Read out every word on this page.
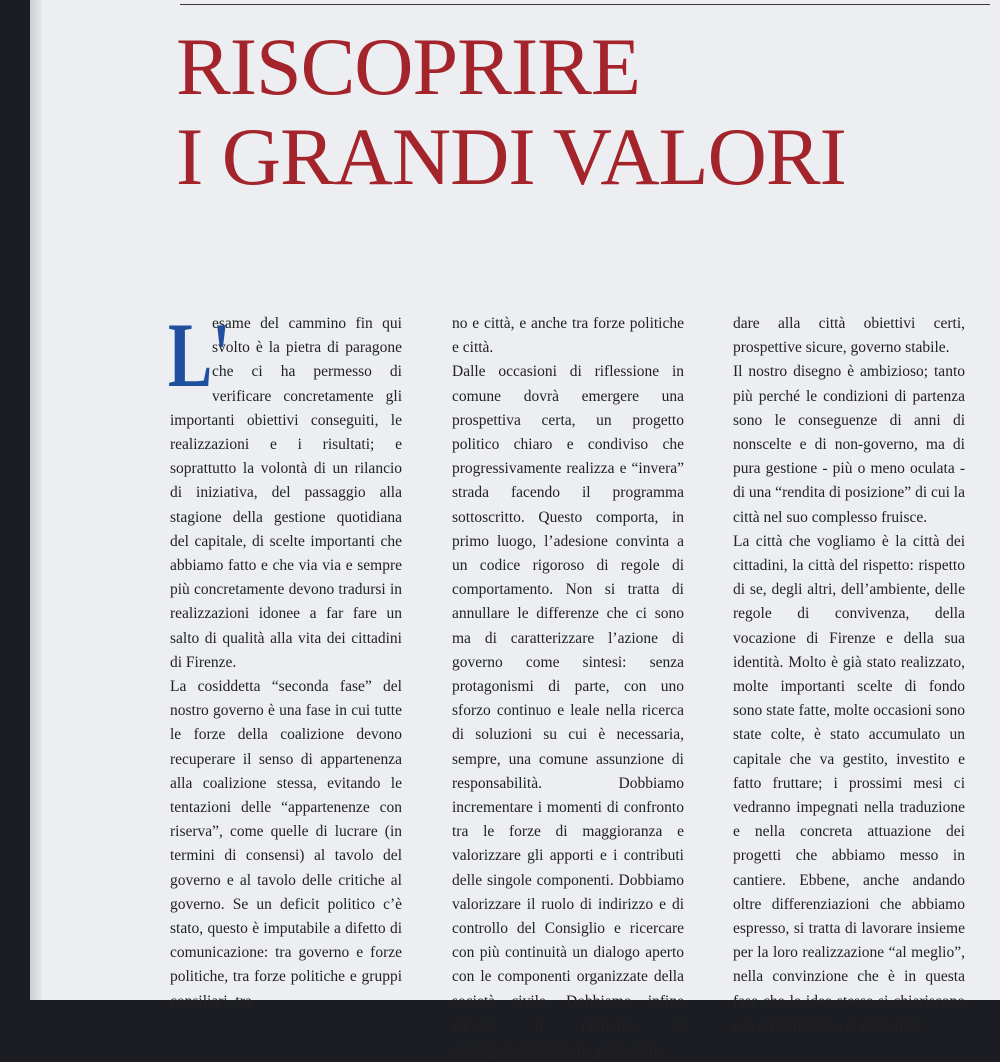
RISCOPRIRE
I GRANDI VALORI

L'
esame del cammino fin qui svolto è la pietra di paragone che ci ha permesso di verificare concretamente gli importanti obiettivi conseguiti, le realizzazioni e i risultati; e soprattutto la volontà di un rilancio di iniziativa, del passaggio alla stagione della gestione quotidiana del capitale, di scelte importanti che abbiamo fatto e che via via e sempre più concretamente devono tradursi in realizzazioni idonee a far fare un salto di qualità alla vita dei cittadini di Firenze.

La cosiddetta “seconda fase” del nostro governo è una fase in cui tutte le forze della coalizione devono recuperare il senso di appartenenza alla coalizione stessa, evitando le tentazioni delle “appartenenze con riserva”, come quelle di lucrare (in termini di consensi) al tavolo del governo e al tavolo delle critiche al governo. Se un deficit politico c’è stato, questo è imputabile a difetto di comunicazione: tra governo e forze politiche, tra forze politiche e gruppi consiliari, tra

no e città, e anche tra forze politiche e città.

Dalle occasioni di riflessione in comune dovrà emergere una prospettiva certa, un progetto politico chiaro e condiviso che progressivamente realizza e “invera” strada facendo il programma sottoscritto. Questo comporta, in primo luogo, l’adesione convinta a un codice rigoroso di regole di comportamento. Non si tratta di annullare le differenze che ci sono ma di caratterizzare l’azione di governo come sintesi: senza protagonismi di parte, con uno sforzo continuo e leale nella ricerca di soluzioni su cui è necessaria, sempre, una comune assunzione di responsabilità. Dobbiamo incrementare i momenti di confronto tra le forze di maggioranza e valorizzare gli apporti e i contributi delle singole componenti. Dobbiamo valorizzare il ruolo di indirizzo e di controllo del Consiglio e ricercare con più continuità un dialogo aperto con le componenti organizzate della società civile. Dobbiamo infine elevare il rapporto di corresponsabilità nella guida della

dare alla città obiettivi certi, prospettive sicure, governo stabile.

Il nostro disegno è ambizioso; tanto più perché le condizioni di partenza sono le conseguenze di anni di nonscelte e di non-governo, ma di pura gestione - più o meno oculata - di una “rendita di posizione” di cui la città nel suo complesso fruisce.

La città che vogliamo è la città dei cittadini, la città del rispetto: rispetto di se, degli altri, dell’ambiente, delle regole di convivenza, della vocazione di Firenze e della sua identità. Molto è già stato realizzato, molte importanti scelte di fondo sono state fatte, molte occasioni sono state colte, è stato accumulato un capitale che va gestito, investito e fatto fruttare; i prossimi mesi ci vedranno impegnati nella traduzione e nella concreta attuazione dei progetti che abbiamo messo in cantiere. Ebbene, anche andando oltre differenziazioni che abbiamo espresso, si tratta di lavorare insieme per la loro realizzazione “al meglio”, nella convinzione che è in questa fase che le idee stesse si chiariscono e si arricchiscono di contenuti.
